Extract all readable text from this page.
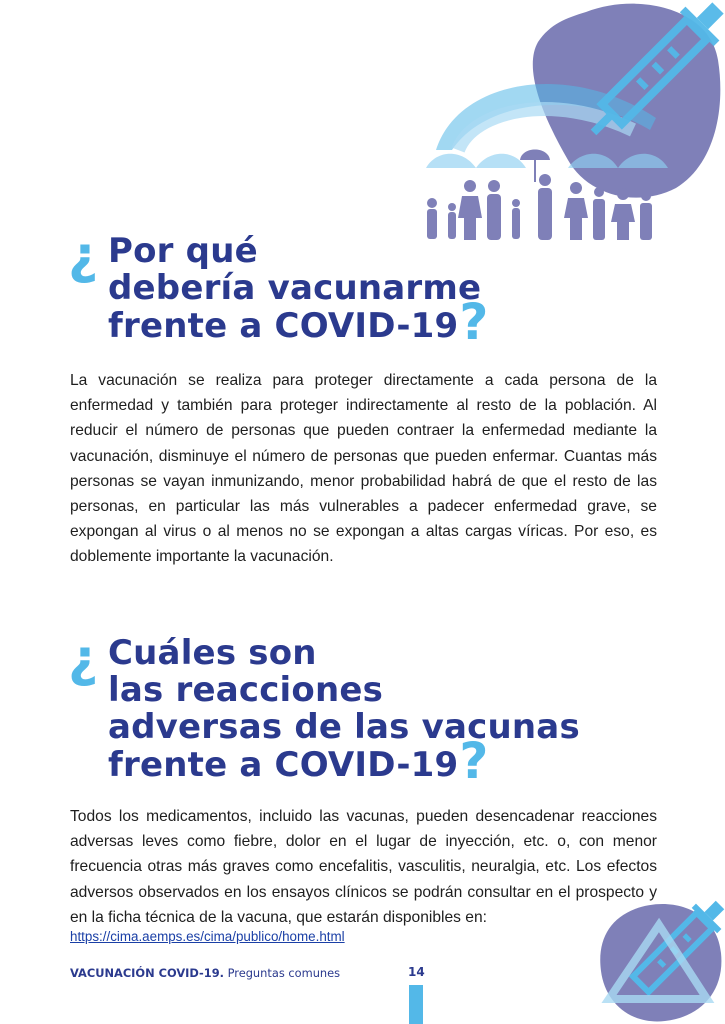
¿ Por qué
debería vacunarme
frente a COVID-19?

La vacunación se realiza para proteger directamente a cada persona de la enfermedad y también para proteger indirectamente al resto de la población. Al reducir el número de personas que pueden contraer la enfermedad mediante la vacunación, disminuye el número de personas que pueden enfermar. Cuantas más personas se vayan inmunizando, menor probabilidad habrá de que el resto de las personas, en particular las más vulnerables a padecer enfermedad grave, se expongan al virus o al menos no se expongan a altas cargas víricas. Por eso, es doblemente importante la vacunación.

¿ Cuáles son
las reacciones
adversas de las vacunas
frente a COVID-19?

Todos los medicamentos, incluido las vacunas, pueden desencadenar reacciones adversas leves como fiebre, dolor en el lugar de inyección, etc. o, con menor frecuencia otras más graves como encefalitis, vasculitis, neuralgia, etc. Los efectos adversos observados en los ensayos clínicos se podrán consultar en el prospecto y en la ficha técnica de la vacuna, que estarán disponibles en:

https://cima.aemps.es/cima/publico/home.html
VACUNACIÓN COVID-19. Preguntas comunes	14
